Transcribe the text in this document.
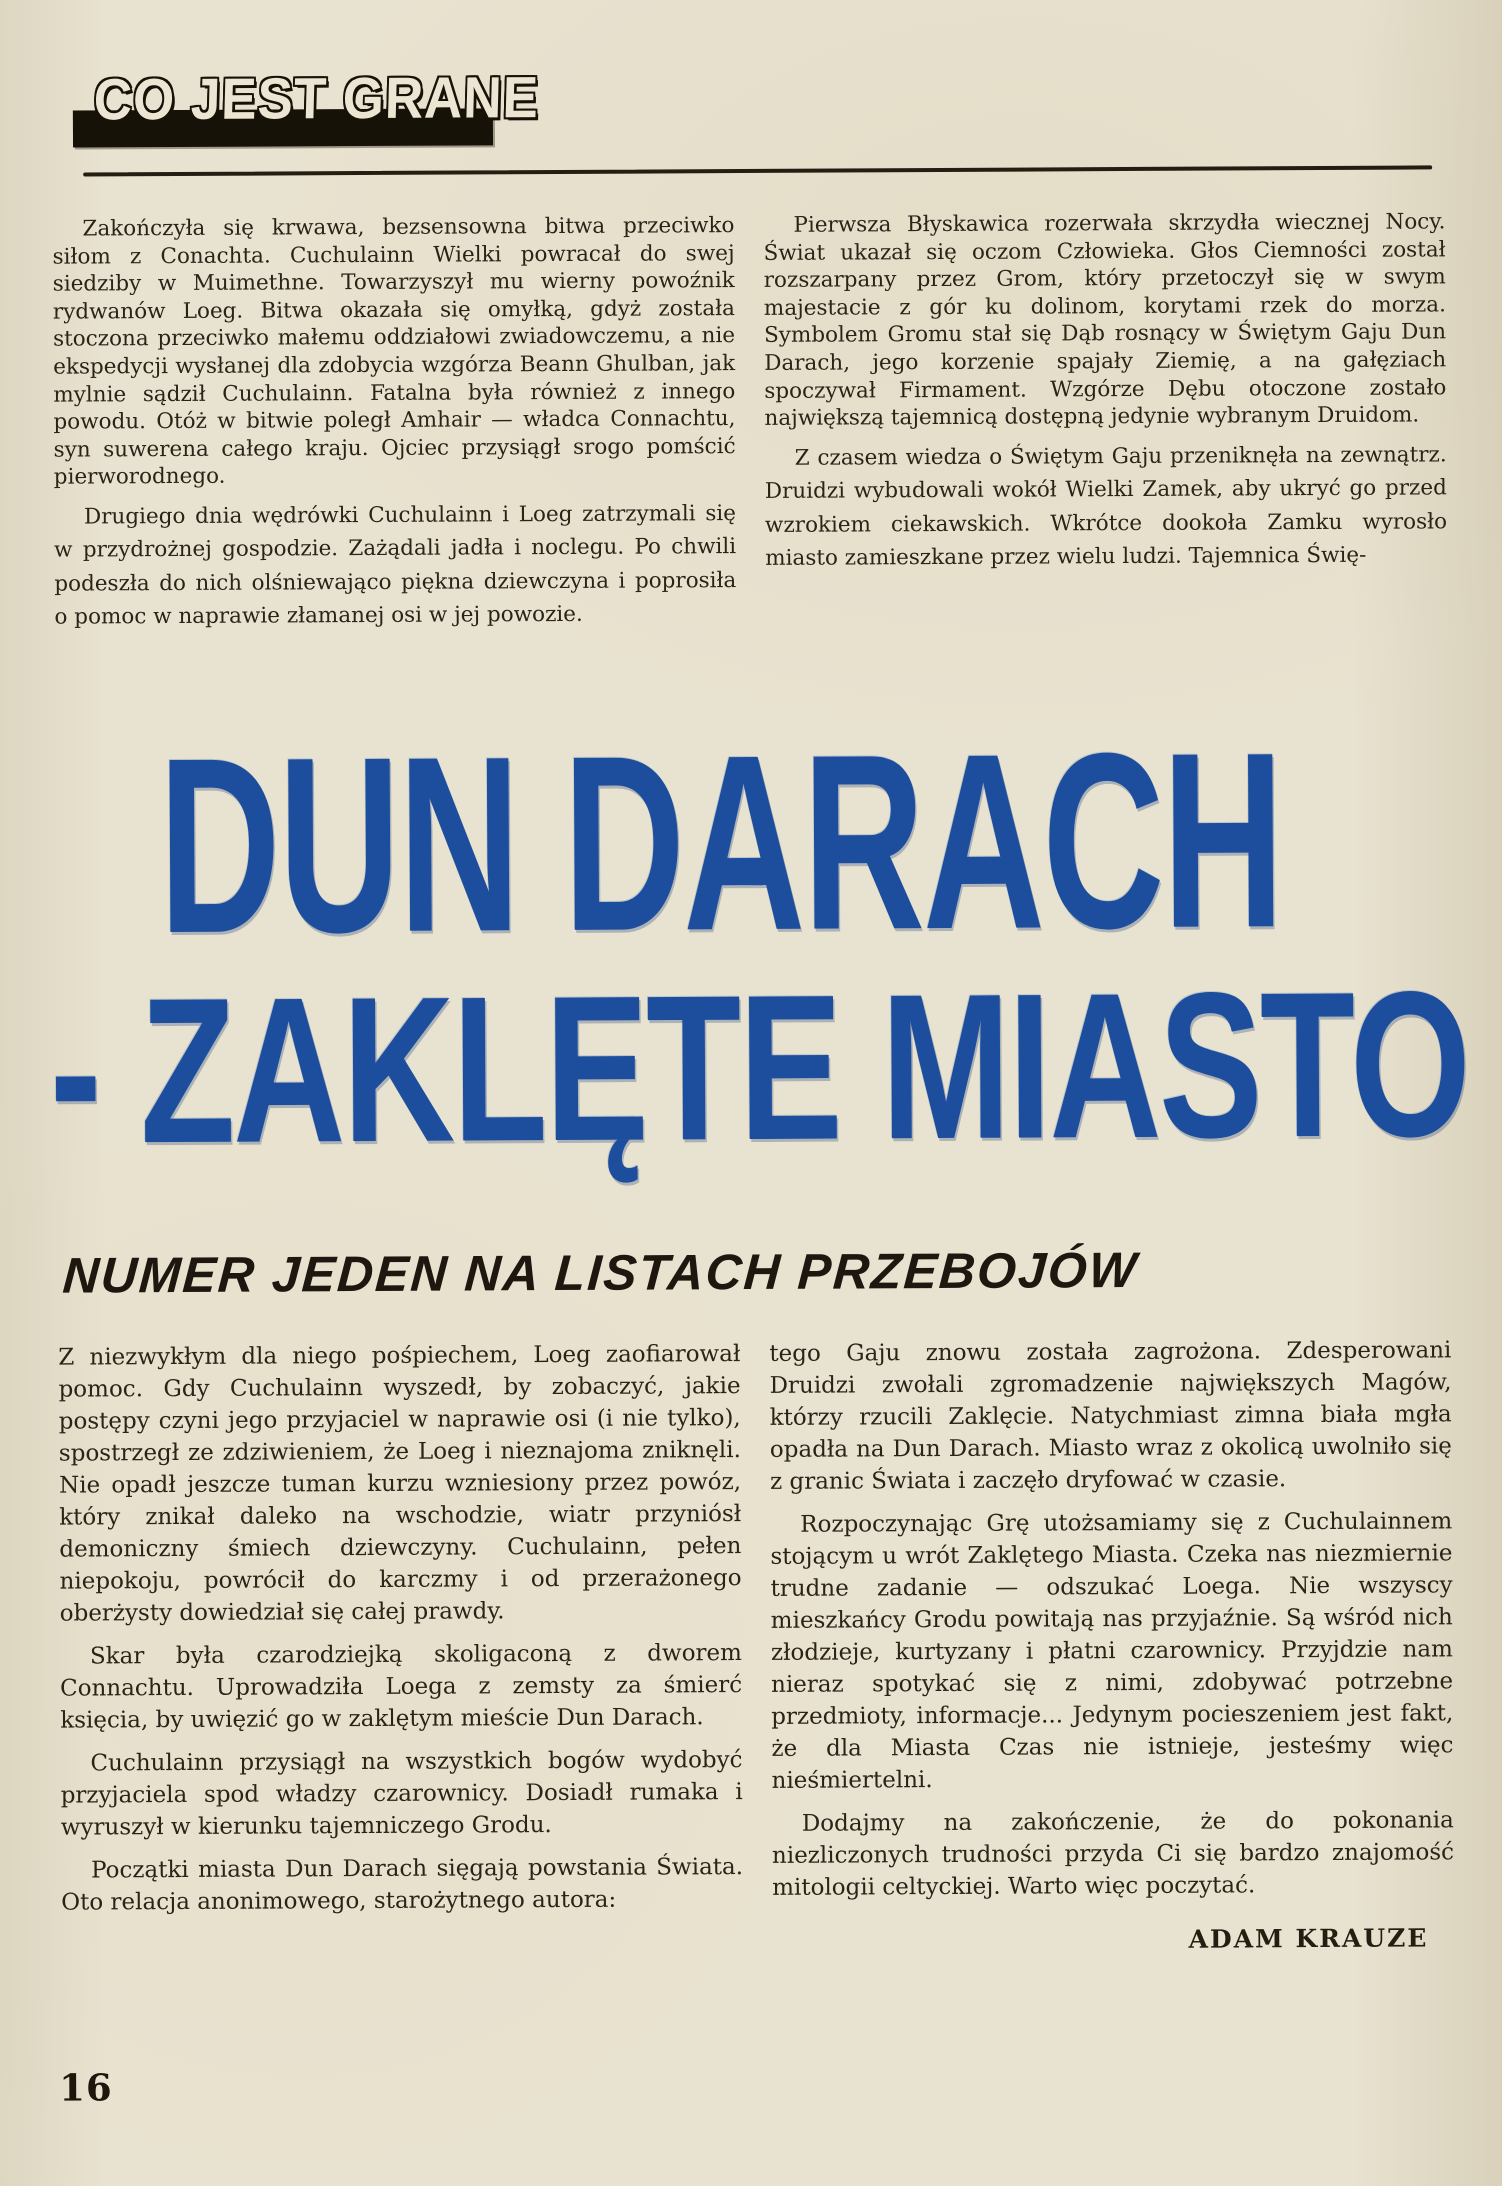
CO JEST GRANE

Zakończyła się krwawa, bezsensowna bitwa przeciwko siłom z Conachta. Cuchulainn Wielki powracał do swej siedziby w Muimethne. Towarzyszył mu wierny powoźnik rydwanów Loeg. Bitwa okazała się omyłką, gdyż została stoczona przeciwko małemu oddziałowi zwiadowczemu, a nie ekspedycji wysłanej dla zdobycia wzgórza Beann Ghulban, jak mylnie sądził Cuchulainn. Fatalna była również z innego powodu. Otóż w bitwie poległ Amhair — władca Connachtu, syn suwerena całego kraju. Ojciec przysiągł srogo pomścić pierworodnego.

Drugiego dnia wędrówki Cuchulainn i Loeg zatrzymali się w przydrożnej gospodzie. Zażądali jadła i noclegu. Po chwili podeszła do nich olśniewająco piękna dziewczyna i poprosiła o pomoc w naprawie złamanej osi w jej powozie.

Pierwsza Błyskawica rozerwała skrzydła wiecznej Nocy. Świat ukazał się oczom Człowieka. Głos Ciemności został rozszarpany przez Grom, który przetoczył się w swym majestacie z gór ku dolinom, korytami rzek do morza. Symbolem Gromu stał się Dąb rosnący w Świętym Gaju Dun Darach, jego korzenie spajały Ziemię, a na gałęziach spoczywał Firmament. Wzgórze Dębu otoczone zostało największą tajemnicą dostępną jedynie wybranym Druidom.

Z czasem wiedza o Świętym Gaju przeniknęła na zewnątrz. Druidzi wybudowali wokół Wielki Zamek, aby ukryć go przed wzrokiem ciekawskich. Wkrótce dookoła Zamku wyrosło miasto zamieszkane przez wielu ludzi. Tajemnica Świę-

DUN DARACH
- ZAKLĘTE MIASTO
NUMER JEDEN NA LISTACH PRZEBOJÓW

Z niezwykłym dla niego pośpiechem, Loeg zaofiarował pomoc. Gdy Cuchulainn wyszedł, by zobaczyć, jakie postępy czyni jego przyjaciel w naprawie osi (i nie tylko), spostrzegł ze zdziwieniem, że Loeg i nieznajoma zniknęli. Nie opadł jeszcze tuman kurzu wzniesiony przez powóz, który znikał daleko na wschodzie, wiatr przyniósł demoniczny śmiech dziewczyny. Cuchulainn, pełen niepokoju, powrócił do karczmy i od przerażonego oberżysty dowiedział się całej prawdy.

Skar była czarodziejką skoligaconą z dworem Connachtu. Uprowadziła Loega z zemsty za śmierć księcia, by uwięzić go w zaklętym mieście Dun Darach.

Cuchulainn przysiągł na wszystkich bogów wydobyć przyjaciela spod władzy czarownicy. Dosiadł rumaka i wyruszył w kierunku tajemniczego Grodu.

Początki miasta Dun Darach sięgają powstania Świata. Oto relacja anonimowego, starożytnego autora:

tego Gaju znowu została zagrożona. Zdesperowani Druidzi zwołali zgromadzenie największych Magów, którzy rzucili Zaklęcie. Natychmiast zimna biała mgła opadła na Dun Darach. Miasto wraz z okolicą uwolniło się z granic Świata i zaczęło dryfować w czasie.

Rozpoczynając Grę utożsamiamy się z Cuchulainnem stojącym u wrót Zaklętego Miasta. Czeka nas niezmiernie trudne zadanie — odszukać Loega. Nie wszyscy mieszkańcy Grodu powitają nas przyjaźnie. Są wśród nich złodzieje, kurtyzany i płatni czarownicy. Przyjdzie nam nieraz spotykać się z nimi, zdobywać potrzebne przedmioty, informacje... Jedynym pocieszeniem jest fakt, że dla Miasta Czas nie istnieje, jesteśmy więc nieśmiertelni.

Dodajmy na zakończenie, że do pokonania niezliczonych trudności przyda Ci się bardzo znajomość mitologii celtyckiej. Warto więc poczytać.

ADAM KRAUZE
16
